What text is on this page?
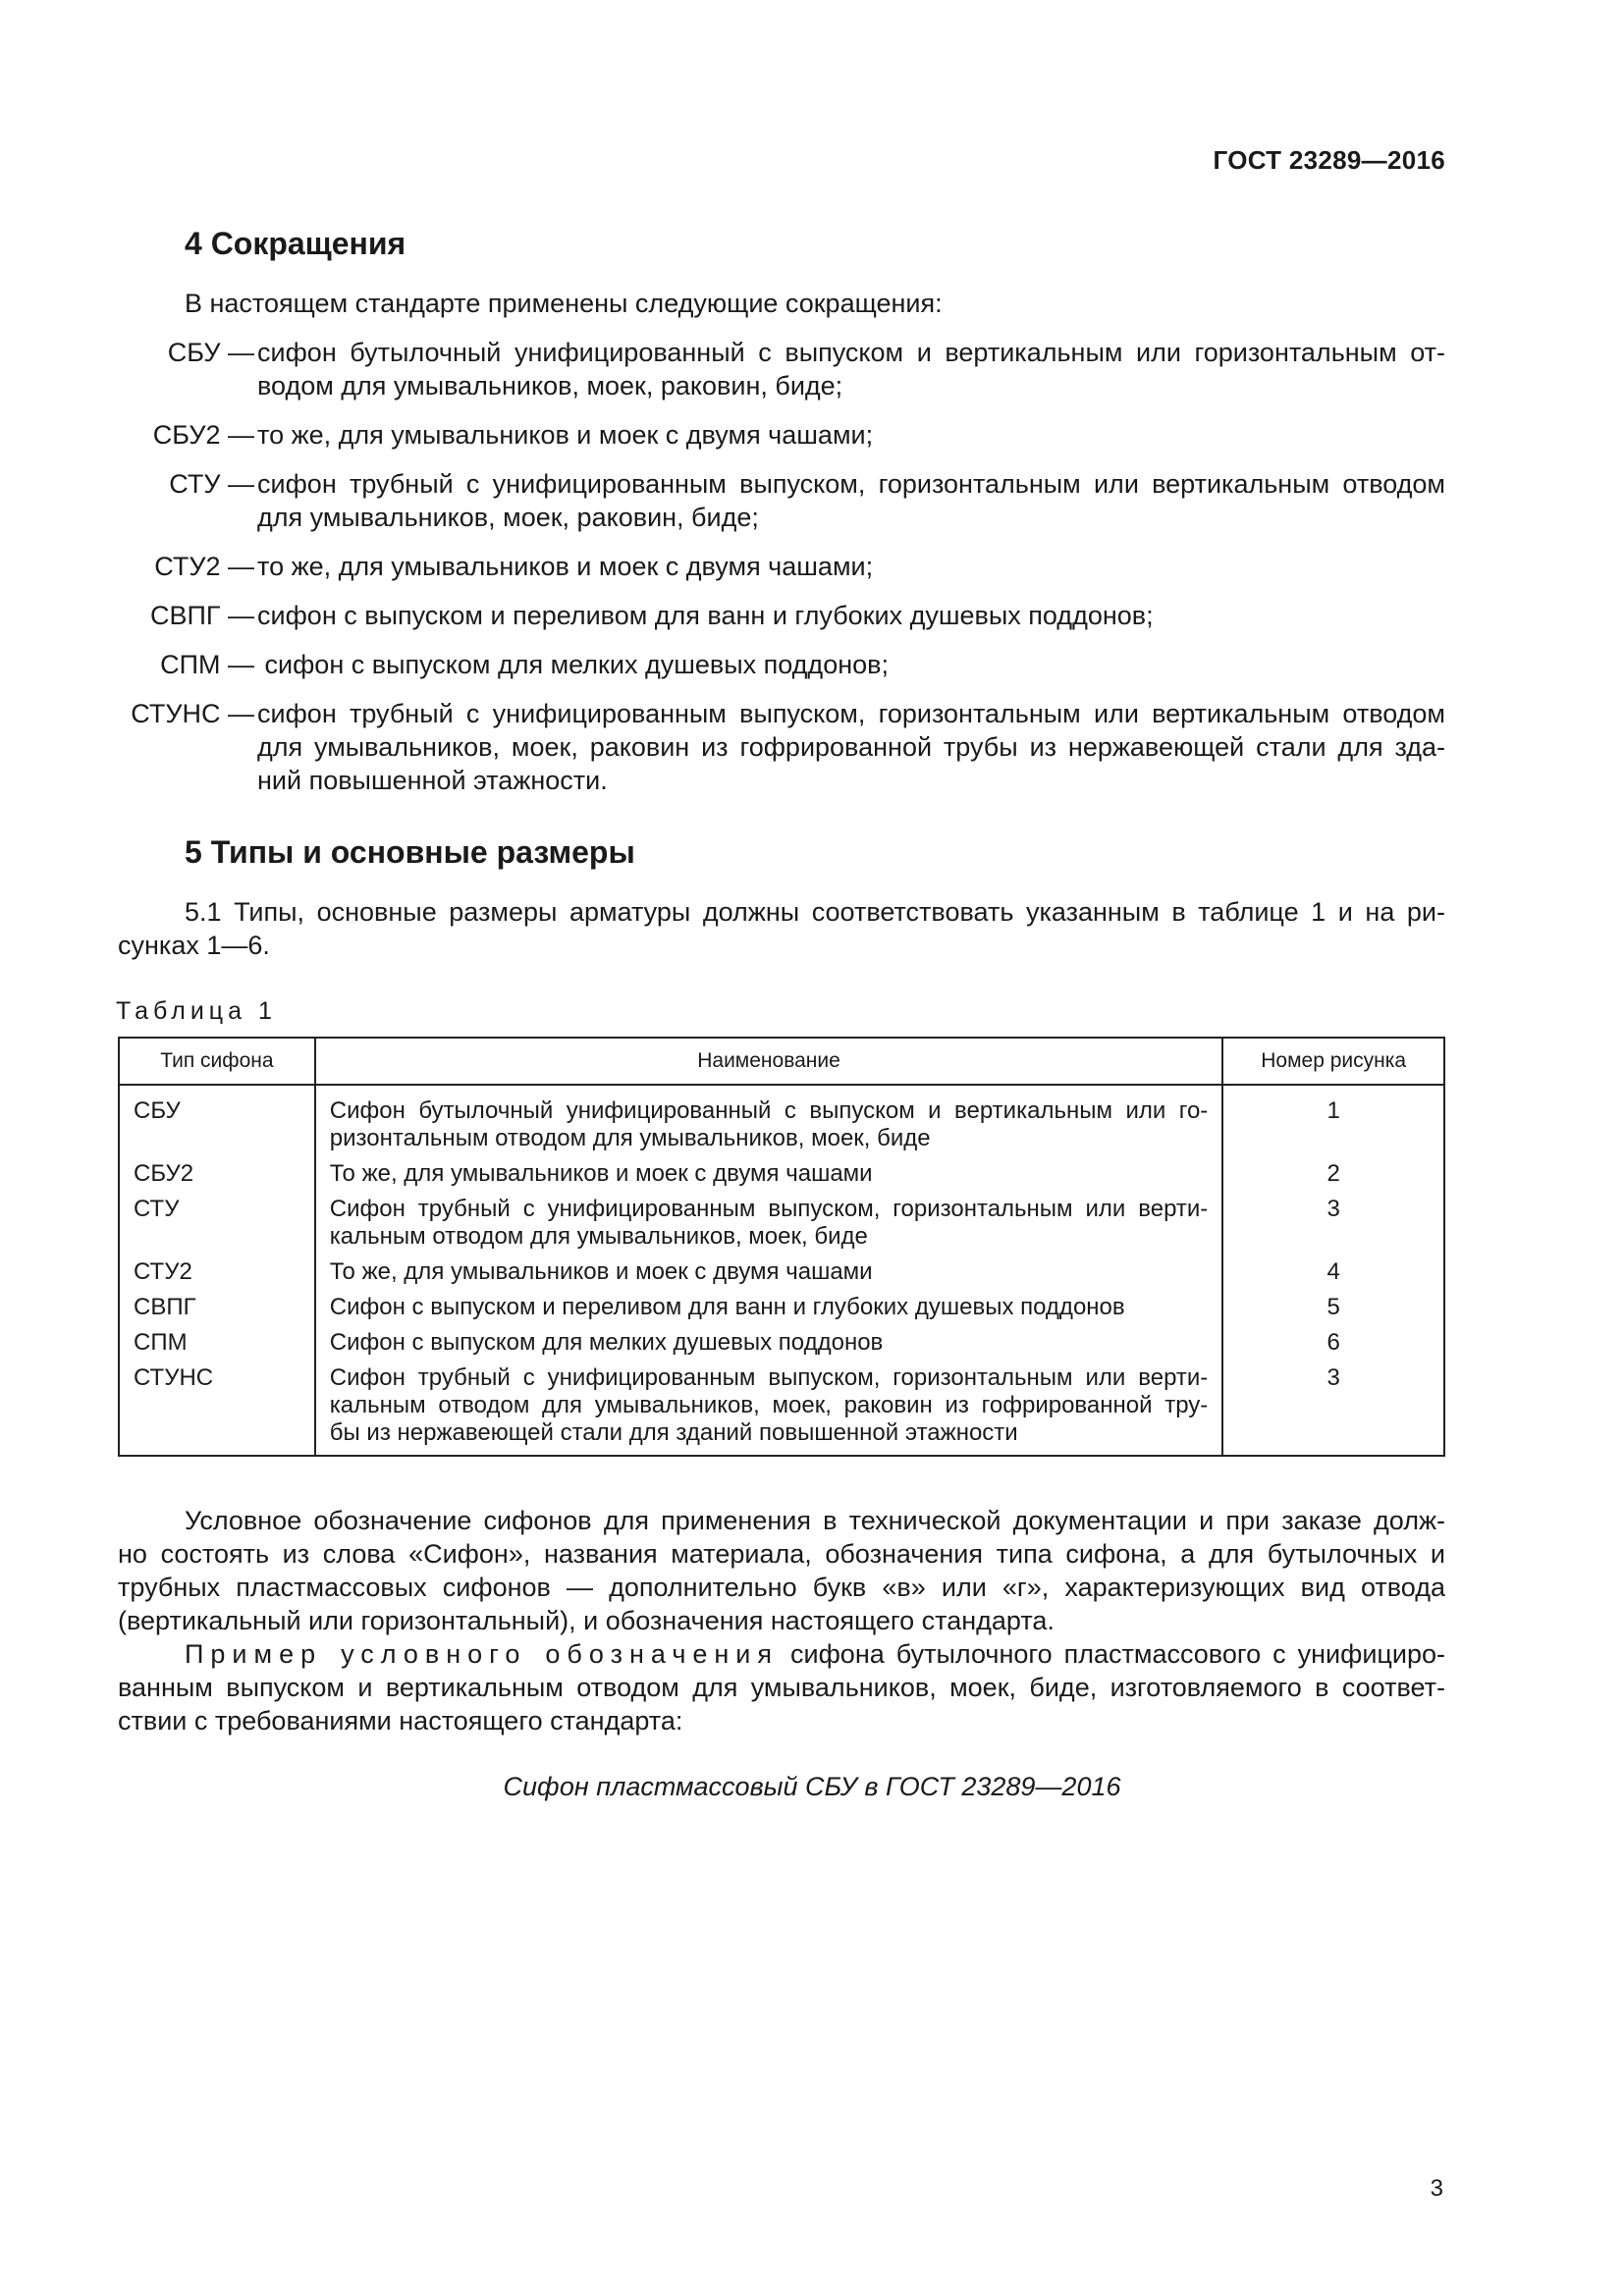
ГОСТ 23289—2016
4 Сокращения
В настоящем стандарте применены следующие сокращения:
СБУ — сифон бутылочный унифицированный с выпуском и вертикальным или горизонтальным от-
водом для умывальников, моек, раковин, биде;
СБУ2 — то же, для умывальников и моек с двумя чашами;
СТУ — сифон трубный с унифицированным выпуском, горизонтальным или вертикальным отводом
для умывальников, моек, раковин, биде;
СТУ2 — то же, для умывальников и моек с двумя чашами;
СВПГ — сифон с выпуском и переливом для ванн и глубоких душевых поддонов;
СПМ — сифон с выпуском для мелких душевых поддонов;
СТУНС — сифон трубный с унифицированным выпуском, горизонтальным или вертикальным отводом
для умывальников, моек, раковин из гофрированной трубы из нержавеющей стали для зда-
ний повышенной этажности.
5 Типы и основные размеры
5.1 Типы, основные размеры арматуры должны соответствовать указанным в таблице 1 и на ри-
сунках 1—6.
Таблица 1
Тип сифона	Наименование	Номер рисунка
СБУ	Сифон бутылочный унифицированный с выпуском и вертикальным или го-
ризонтальным отводом для умывальников, моек, биде	1
СБУ2	То же, для умывальников и моек с двумя чашами	2
СТУ	Сифон трубный с унифицированным выпуском, горизонтальным или верти-
кальным отводом для умывальников, моек, биде	3
СТУ2	То же, для умывальников и моек с двумя чашами	4
СВПГ	Сифон с выпуском и переливом для ванн и глубоких душевых поддонов	5
СПМ	Сифон с выпуском для мелких душевых поддонов	6
СТУНС	Сифон трубный с унифицированным выпуском, горизонтальным или верти-
кальным отводом для умывальников, моек, раковин из гофрированной тру-
бы из нержавеющей стали для зданий повышенной этажности	3
Условное обозначение сифонов для применения в технической документации и при заказе долж-
но состоять из слова «Сифон», названия материала, обозначения типа сифона, а для бутылочных и
трубных пластмассовых сифонов — дополнительно букв «в» или «г», характеризующих вид отвода
(вертикальный или горизонтальный), и обозначения настоящего стандарта.
Пример условного обозначения сифона бутылочного пластмассового с унифициро-
ванным выпуском и вертикальным отводом для умывальников, моек, биде, изготовляемого в соответ-
ствии с требованиями настоящего стандарта:
Сифон пластмассовый СБУ в ГОСТ 23289—2016
3
